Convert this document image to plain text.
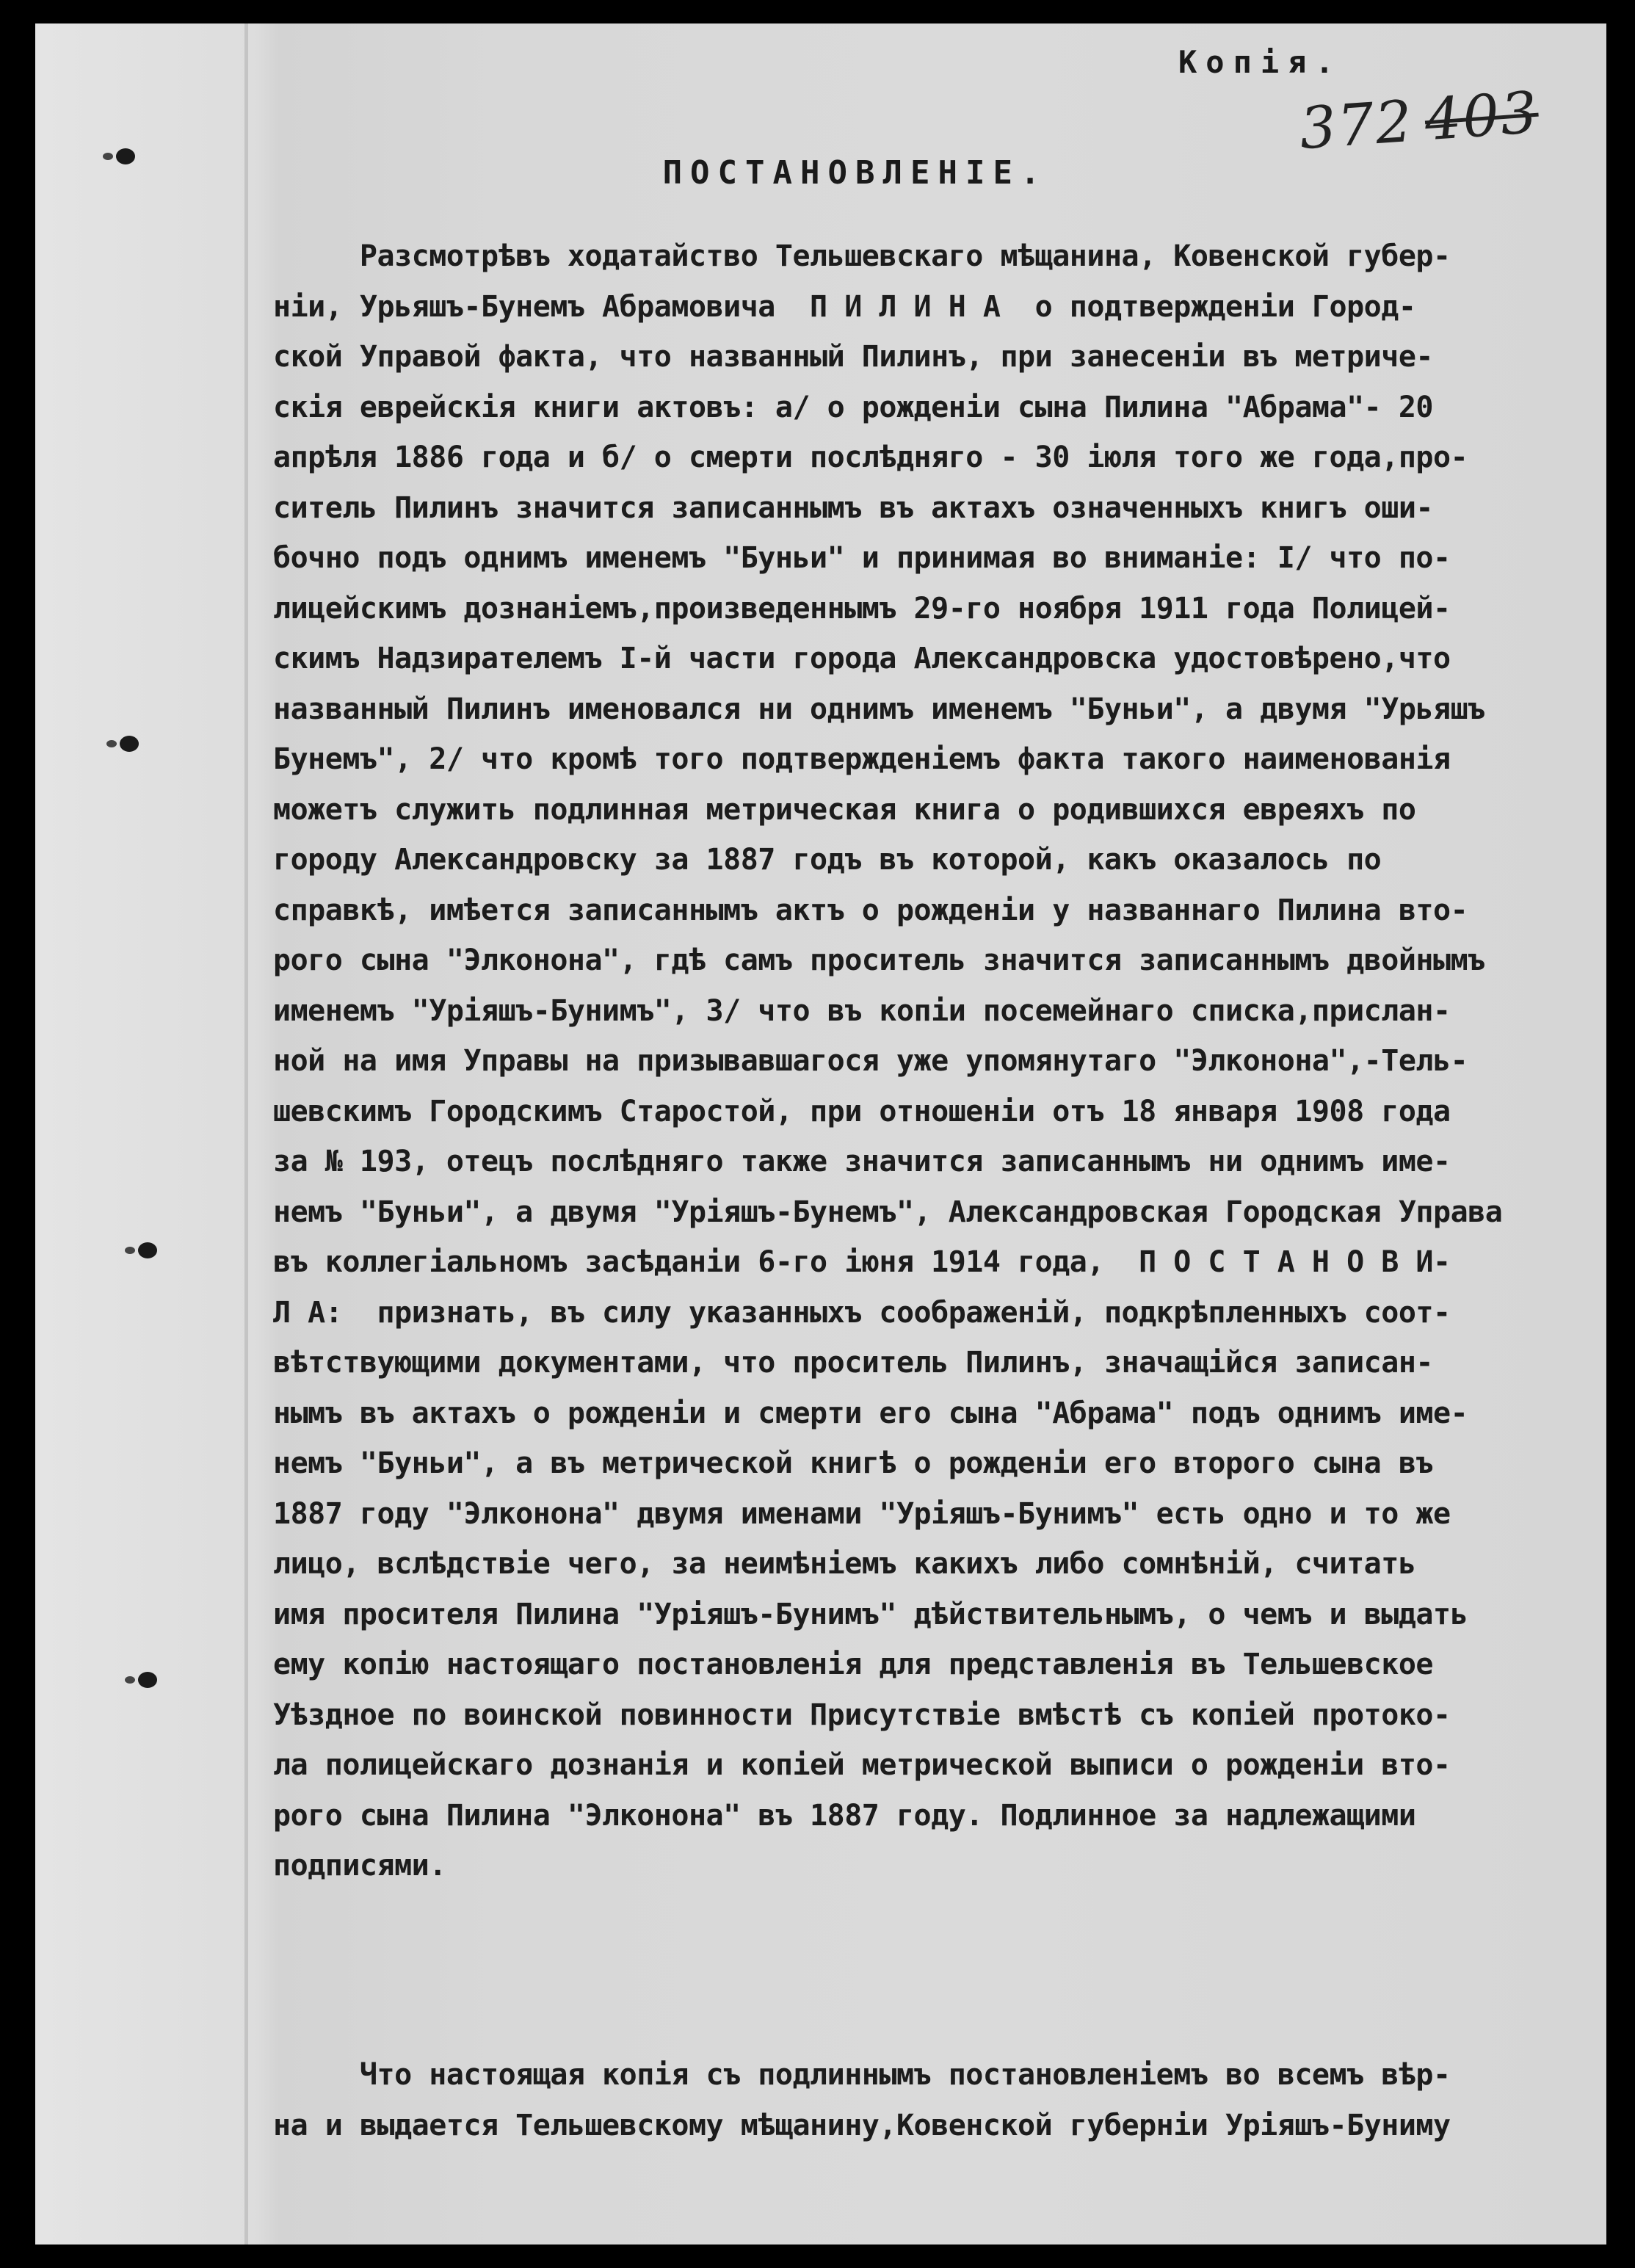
Копія.
372 403
ПОСТАНОВЛЕНІЕ.
Разсмотрѣвъ ходатайство Тельшевскаго мѣщанина, Ковенской губер-
нiи, Урьяшъ-Бунемъ Абрамовича  П И Л И Н А  о подтвержденiи Город-
ской Управой факта, что названный Пилинъ, при занесенiи въ метриче-
скiя еврейскiя книги актовъ: а/ о рожденiи сына Пилина "Абрама"- 20
апрѣля 1886 года и б/ о смерти послѣдняго - 30 iюля того же года,про-
ситель Пилинъ значится записаннымъ въ актахъ означенныхъ книгъ оши-
бочно подъ однимъ именемъ "Буньи" и принимая во вниманiе: I/ что по-
лицейскимъ дознанiемъ,произведеннымъ 29-го ноября 1911 года Полицей-
скимъ Надзирателемъ I-й части города Александровска удостовѣрено,что
названный Пилинъ именовался ни однимъ именемъ "Буньи", а двумя "Урьяшъ
Бунемъ", 2/ что кромѣ того подтвержденiемъ факта такого наименованiя
можетъ служить подлинная метрическая книга о родившихся евреяхъ по
городу Александровску за 1887 годъ въ которой, какъ оказалось по
справкѣ, имѣется записаннымъ актъ о рожденiи у названнаго Пилина вто-
рого сына "Элконона", гдѣ самъ проситель значится записаннымъ двойнымъ
именемъ "Урiяшъ-Бунимъ", 3/ что въ копiи посемейнаго списка,прислан-
ной на имя Управы на призывавшагося уже упомянутаго "Элконона",-Тель-
шевскимъ Городскимъ Старостой, при отношенiи отъ 18 января 1908 года
за № 193, отецъ послѣдняго также значится записаннымъ ни однимъ име-
немъ "Буньи", а двумя "Урiяшъ-Бунемъ", Александровская Городская Управа
въ коллегiальномъ засѣданiи 6-го iюня 1914 года,  П О С Т А Н О В И-
Л А:  признать, въ силу указанныхъ соображенiй, подкрѣпленныхъ соот-
вѣтствующими документами, что проситель Пилинъ, значащiйся записан-
нымъ въ актахъ о рожденiи и смерти его сына "Абрама" подъ однимъ име-
немъ "Буньи", а въ метрической книгѣ о рожденiи его второго сына въ
1887 году "Элконона" двумя именами "Урiяшъ-Бунимъ" есть одно и то же
лицо, вслѣдствiе чего, за неимѣнiемъ какихъ либо сомнѣнiй, считать
имя просителя Пилина "Урiяшъ-Бунимъ" дѣйствительнымъ, о чемъ и выдать
ему копiю настоящаго постановленiя для представленiя въ Тельшевское
Уѣздное по воинской повинности Присутствiе вмѣстѣ съ копiей протоко-
ла полицейскаго дознанiя и копiей метрической выписи о рожденiи вто-
рого сына Пилина "Элконона" въ 1887 году. Подлинное за надлежащими
подписями.
Что настоящая копiя съ подлиннымъ постановленiемъ во всемъ вѣр-
на и выдается Тельшевскому мѣщанину,Ковенской губернiи Урiяшъ-Буниму
